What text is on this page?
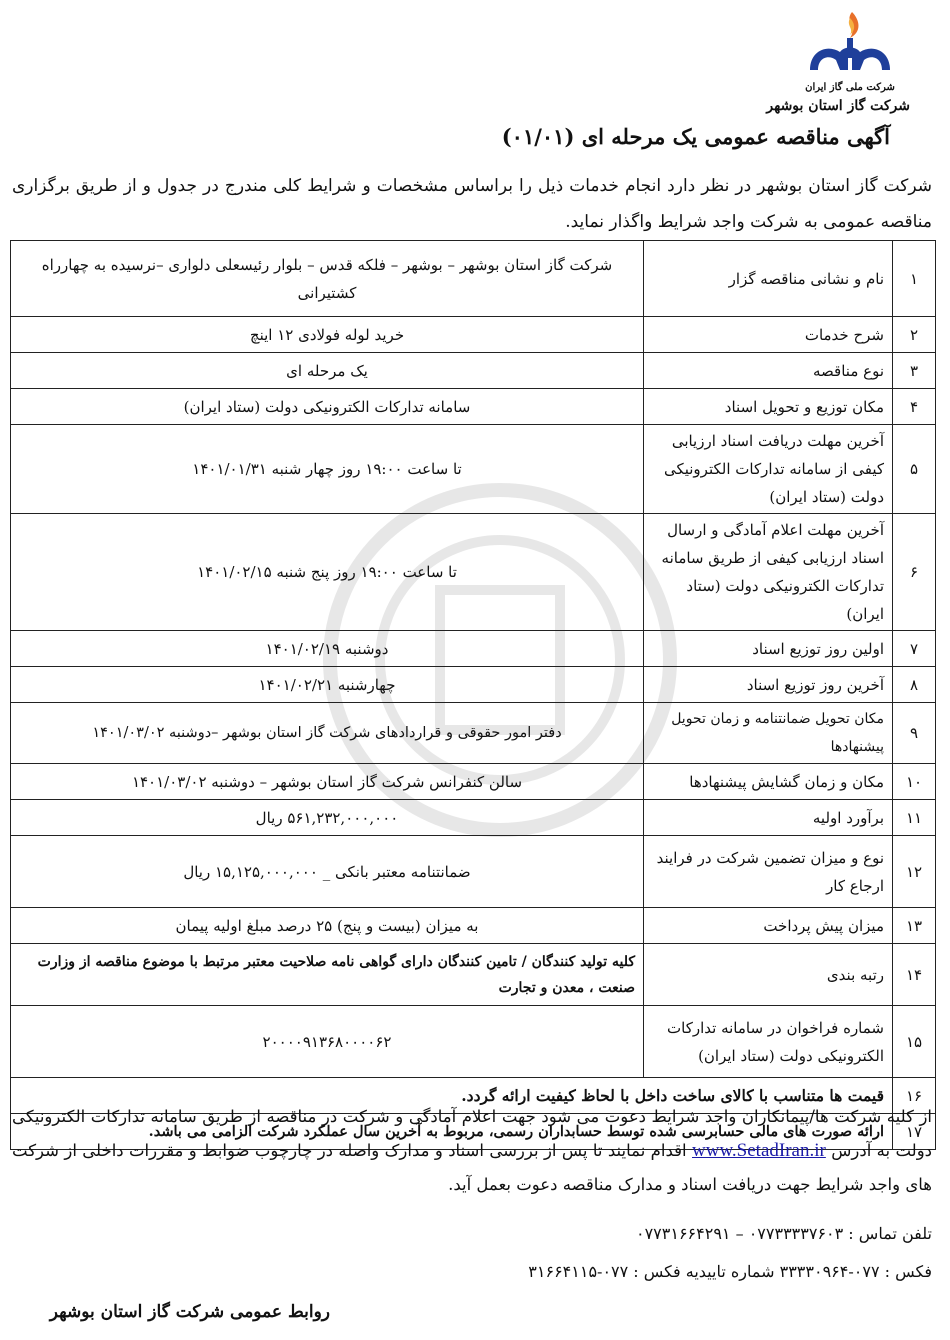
شرکت ملی گاز ایران
شرکت گاز استان بوشهر
آگهی مناقصه عمومی یک مرحله ای (۰۱/۰۱)
شرکت گاز استان بوشهر در نظر دارد انجام خدمات ذیل را براساس مشخصات و شرایط کلی مندرج در جدول و از طریق برگزاری مناقصه عمومی به شرکت واجد شرایط واگذار نماید.
۱	نام و نشانی مناقصه گزار	شرکت گاز استان بوشهر – بوشهر – فلکه قدس – بلوار رئیسعلی دلواری –نرسیده به چهارراه کشتیرانی
۲	شرح خدمات	خرید لوله فولادی ۱۲ اینچ
۳	نوع مناقصه	یک مرحله ای
۴	مکان توزیع و تحویل اسناد	سامانه تدارکات الکترونیکی دولت (ستاد ایران)
۵	آخرین مهلت دریافت اسناد ارزیابی کیفی از سامانه تدارکات الکترونیکی دولت (ستاد ایران)	تا ساعت ۱۹:۰۰ روز چهار شنبه ۱۴۰۱/۰۱/۳۱
۶	آخرین مهلت اعلام آمادگی و ارسال اسناد ارزیابی کیفی از طریق سامانه تدارکات الکترونیکی دولت (ستاد ایران)	تا ساعت ۱۹:۰۰ روز پنج شنبه ۱۴۰۱/۰۲/۱۵
۷	اولین روز توزیع اسناد	دوشنبه ۱۴۰۱/۰۲/۱۹
۸	آخرین روز توزیع اسناد	چهارشنبه ۱۴۰۱/۰۲/۲۱
۹	مکان تحویل ضمانتنامه و زمان تحویل پیشنهادها	دفتر امور حقوقی و قراردادهای شرکت گاز استان بوشهر –دوشنبه ۱۴۰۱/۰۳/۰۲
۱۰	مکان و زمان گشایش پیشنهادها	سالن کنفرانس شرکت گاز استان بوشهر – دوشنبه ۱۴۰۱/۰۳/۰۲
۱۱	برآورد اولیه	۵۶۱,۲۳۲,۰۰۰,۰۰۰ ریال
۱۲	نوع و میزان تضمین شرکت در فرایند ارجاع کار	ضمانتنامه معتبر بانکی _ ۱۵,۱۲۵,۰۰۰,۰۰۰ ریال
۱۳	میزان پیش پرداخت	به میزان (بیست و پنج) ۲۵ درصد مبلغ اولیه پیمان
۱۴	رتبه بندی	کلیه تولید کنندگان / تامین کنندگان دارای گواهی نامه صلاحیت معتبر مرتبط با موضوع مناقصه از وزارت صنعت ، معدن و تجارت
۱۵	شماره فراخوان در سامانه تدارکات الکترونیکی دولت (ستاد ایران)	۲۰۰۰۰۹۱۳۶۸۰۰۰۰۶۲
۱۶	قیمت ها متناسب با کالای ساخت داخل با لحاظ کیفیت ارائه گردد.	
۱۷	ارائه صورت های مالی حسابرسی شده توسط حسابداران رسمی، مربوط به آخرین سال عملکرد شرکت الزامی می باشد.	
از کلیه شرکت ها/پیمانکاران واجد شرایط دعوت می شود جهت اعلام آمادگی و شرکت در مناقصه از طریق سامانه تدارکات الکترونیکی دولت به آدرس www.SetadIran.ir اقدام نمایند تا پس از بررسی اسناد و مدارک واصله در چارچوب ضوابط و مقررات داخلی از شرکت های واجد شرایط جهت دریافت اسناد و مدارک مناقصه دعوت بعمل آید.
تلفن تماس : ۰۷۷۳۳۳۳۷۶۰۳ – ۰۷۷۳۱۶۶۴۲۹۱
فکس : ۰۷۷-۳۳۳۳۰۹۶۴ شماره تاییدیه فکس : ۰۷۷-۳۱۶۶۴۱۱۵
روابط عمومی شرکت گاز استان بوشهر
